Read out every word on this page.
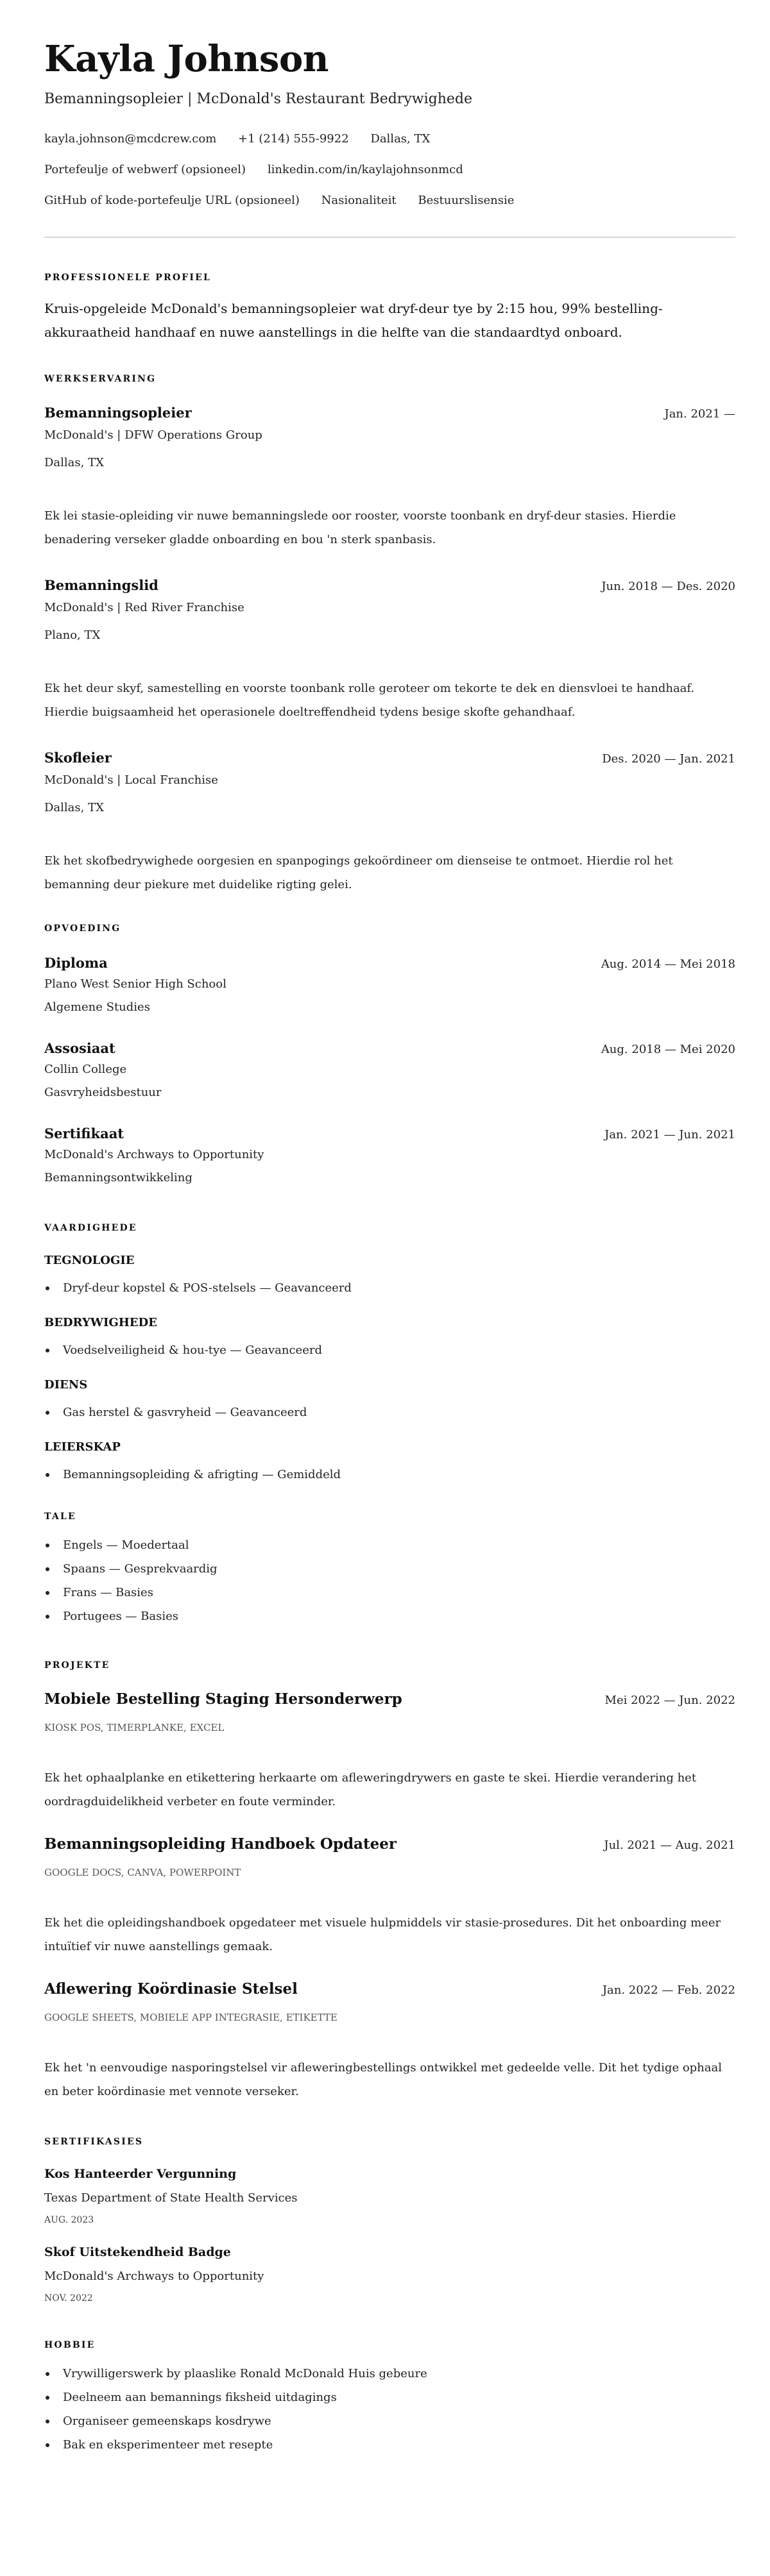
Kayla Johnson
Bemanningsopleier | McDonald's Restaurant Bedrywighede
kayla.johnson@mcdcrew.com +1 (214) 555-9922 Dallas, TX
Portefeulje of webwerf (opsioneel) linkedin.com/in/kaylajohnsonmcd
GitHub of kode-portefeulje URL (opsioneel) Nasionaliteit Bestuurslisensie
PROFESSIONELE PROFIEL

Kruis-opgeleide McDonald's bemanningsopleier wat dryf-deur tye by 2:15 hou, 99% bestelling-akkuraatheid handhaaf en nuwe aanstellings in die helfte van die standaardtyd onboard.

WERKSERVARING
Bemanningsopleier	Jan. 2021 —
McDonald's | DFW Operations Group
Dallas, TX
Ek lei stasie-opleiding vir nuwe bemanningslede oor rooster, voorste toonbank en dryf-deur stasies. Hierdie benadering verseker gladde onboarding en bou 'n sterk spanbasis.
Bemanningslid	Jun. 2018 — Des. 2020
McDonald's | Red River Franchise
Plano, TX
Ek het deur skyf, samestelling en voorste toonbank rolle geroteer om tekorte te dek en diensvloei te handhaaf. Hierdie buigsaamheid het operasionele doeltreffendheid tydens besige skofte gehandhaaf.
Skofleier	Des. 2020 — Jan. 2021
McDonald's | Local Franchise
Dallas, TX
Ek het skofbedrywighede oorgesien en spanpogings gekoördineer om dienseise te ontmoet. Hierdie rol het bemanning deur piekure met duidelike rigting gelei.
OPVOEDING
Diploma	Aug. 2014 — Mei 2018
Plano West Senior High School
Algemene Studies
Assosiaat	Aug. 2018 — Mei 2020
Collin College
Gasvryheidsbestuur
Sertifikaat	Jan. 2021 — Jun. 2021
McDonald's Archways to Opportunity
Bemanningsontwikkeling
VAARDIGHEDE
TEGNOLOGIE
Dryf-deur kopstel & POS-stelsels — Geavanceerd
BEDRYWIGHEDE
Voedselveiligheid & hou-tye — Geavanceerd
DIENS
Gas herstel & gasvryheid — Geavanceerd
LEIERSKAP
Bemanningsopleiding & afrigting — Gemiddeld
TALE
Engels — Moedertaal
Spaans — Gesprekvaardig
Frans — Basies
Portugees — Basies
PROJEKTE
Mobiele Bestelling Staging Hersonderwerp	Mei 2022 — Jun. 2022
KIOSK POS, TIMERPLANKE, EXCEL
Ek het ophaalplanke en etikettering herkaarte om afleweringdrywers en gaste te skei. Hierdie verandering het oordragduidelikheid verbeter en foute verminder.
Bemanningsopleiding Handboek Opdateer	Jul. 2021 — Aug. 2021
GOOGLE DOCS, CANVA, POWERPOINT
Ek het die opleidingshandboek opgedateer met visuele hulpmiddels vir stasie-prosedures. Dit het onboarding meer intuïtief vir nuwe aanstellings gemaak.
Aflewering Koördinasie Stelsel	Jan. 2022 — Feb. 2022
GOOGLE SHEETS, MOBIELE APP INTEGRASIE, ETIKETTE
Ek het 'n eenvoudige nasporingstelsel vir afleweringbestellings ontwikkel met gedeelde velle. Dit het tydige ophaal en beter koördinasie met vennote verseker.
SERTIFIKASIES
Kos Hanteerder Vergunning
Texas Department of State Health Services
AUG. 2023
Skof Uitstekendheid Badge
McDonald's Archways to Opportunity
NOV. 2022
HOBBIE
Vrywilligerswerk by plaaslike Ronald McDonald Huis gebeure
Deelneem aan bemannings fiksheid uitdagings
Organiseer gemeenskaps kosdrywe
Bak en eksperimenteer met resepte
